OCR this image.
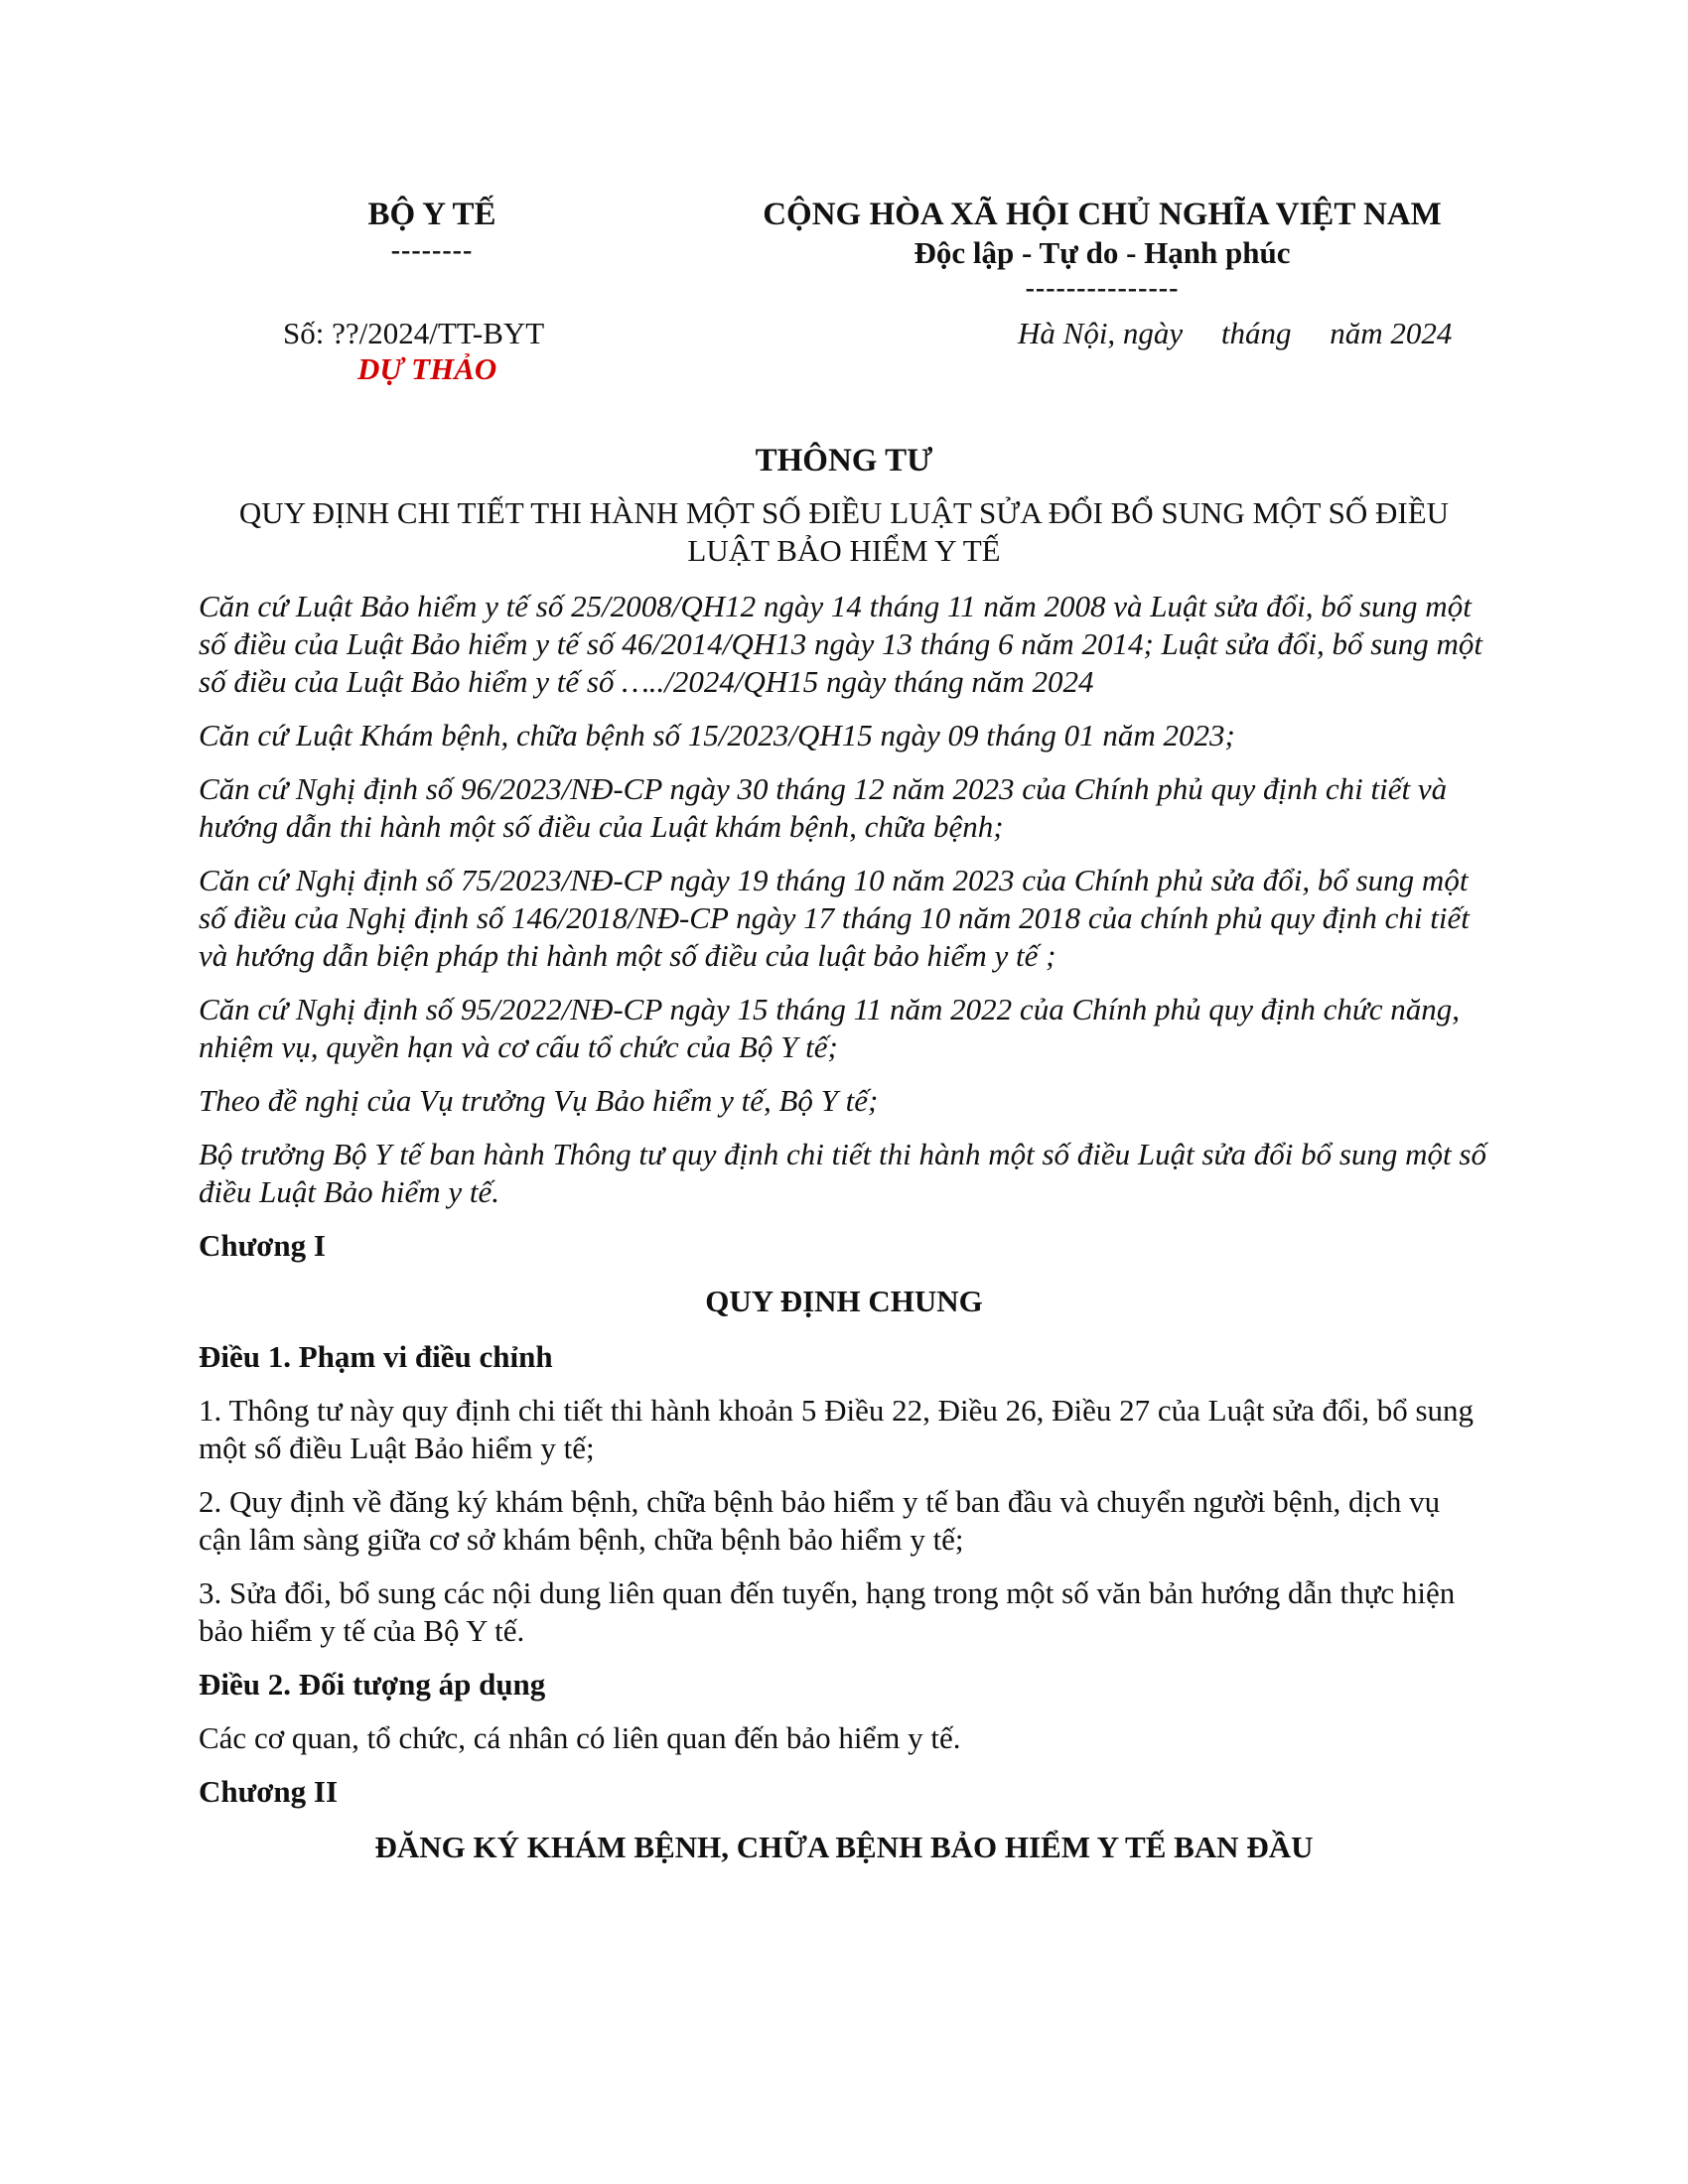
BỘ Y TẾ
--------
CỘNG HÒA XÃ HỘI CHỦ NGHĨA VIỆT NAM
Độc lập - Tự do - Hạnh phúc
---------------
Số: ??/2024/TT-BYT
DỰ THẢO
Hà Nội, ngày     tháng     năm 2024
THÔNG TƯ
QUY ĐỊNH CHI TIẾT THI HÀNH MỘT SỐ ĐIỀU LUẬT SỬA ĐỔI BỔ SUNG MỘT SỐ ĐIỀU LUẬT BẢO HIỂM Y TẾ

Căn cứ Luật Bảo hiểm y tế số 25/2008/QH12 ngày 14 tháng 11 năm 2008 và Luật sửa đổi, bổ sung một số điều của Luật Bảo hiểm y tế số 46/2014/QH13 ngày 13 tháng 6 năm 2014; Luật sửa đổi, bổ sung một số điều của Luật Bảo hiểm y tế số …../2024/QH15 ngày tháng năm 2024

Căn cứ Luật Khám bệnh, chữa bệnh số 15/2023/QH15 ngày 09 tháng 01 năm 2023;

Căn cứ Nghị định số 96/2023/NĐ-CP ngày 30 tháng 12 năm 2023 của Chính phủ quy định chi tiết và hướng dẫn thi hành một số điều của Luật khám bệnh, chữa bệnh;

Căn cứ Nghị định số 75/2023/NĐ-CP ngày 19 tháng 10 năm 2023 của Chính phủ sửa đổi, bổ sung một số điều của Nghị định số 146/2018/NĐ-CP ngày 17 tháng 10 năm 2018 của chính phủ quy định chi tiết và hướng dẫn biện pháp thi hành một số điều của luật bảo hiểm y tế ;

Căn cứ Nghị định số 95/2022/NĐ-CP ngày 15 tháng 11 năm 2022 của Chính phủ quy định chức năng, nhiệm vụ, quyền hạn và cơ cấu tổ chức của Bộ Y tế;

Theo đề nghị của Vụ trưởng Vụ Bảo hiểm y tế, Bộ Y tế;

Bộ trưởng Bộ Y tế ban hành Thông tư quy định chi tiết thi hành một số điều Luật sửa đổi bổ sung một số điều Luật Bảo hiểm y tế.

Chương I

QUY ĐỊNH CHUNG

Điều 1. Phạm vi điều chỉnh

1. Thông tư này quy định chi tiết thi hành khoản 5 Điều 22, Điều 26, Điều 27 của Luật sửa đổi, bổ sung một số điều Luật Bảo hiểm y tế;

2. Quy định về đăng ký khám bệnh, chữa bệnh bảo hiểm y tế ban đầu và chuyển người bệnh, dịch vụ cận lâm sàng giữa cơ sở khám bệnh, chữa bệnh bảo hiểm y tế;

3. Sửa đổi, bổ sung các nội dung liên quan đến tuyến, hạng trong một số văn bản hướng dẫn thực hiện bảo hiểm y tế của Bộ Y tế.

Điều 2. Đối tượng áp dụng

Các cơ quan, tổ chức, cá nhân có liên quan đến bảo hiểm y tế.

Chương II

ĐĂNG KÝ KHÁM BỆNH, CHỮA BỆNH BẢO HIỂM Y TẾ BAN ĐẦU
